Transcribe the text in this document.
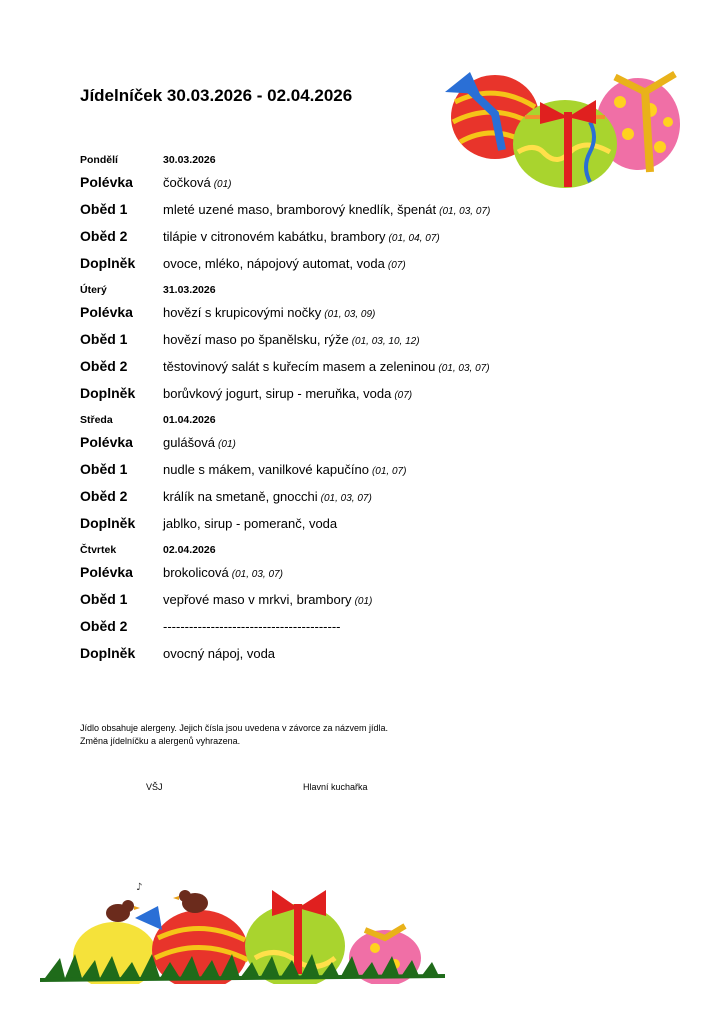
Jídelníček 30.03.2026 - 02.04.2026
Pondělí	30.03.2026
Polévka čočková (01)
Oběd 1	mleté uzené maso, bramborový knedlík, špenát (01, 03, 07)
Oběd 2	tilápie v citronovém kabátku, brambory (01, 04, 07)
Doplněk ovoce, mléko, nápojový automat, voda (07)
Úterý	31.03.2026
Polévka hovězí s krupicovými nočky (01, 03, 09)
Oběd 1	hovězí maso po španělsku, rýže (01, 03, 10, 12)
Oběd 2	těstovinový salát s kuřecím masem a zeleninou (01, 03, 07)
Doplněk borůvkový jogurt, sirup - meruňka, voda (07)
Středa	01.04.2026
Polévka gulášová (01)
Oběd 1	nudle s mákem, vanilkové kapučíno (01, 07)
Oběd 2	králík na smetaně, gnocchi (01, 03, 07)
Doplněk jablko, sirup - pomeranč, voda
Čtvrtek	02.04.2026
Polévka brokolicová (01, 03, 07)
Oběd 1	vepřové maso v mrkvi, brambory (01)
Oběd 2	-----------------------------------------
Doplněk ovocný nápoj, voda
Jídlo obsahuje alergeny. Jejich čísla jsou uvedena v závorce za názvem jídla.
Změna jídelníčku a alergenů vyhrazena.
VŠJ	Hlavní kuchařka
♪
